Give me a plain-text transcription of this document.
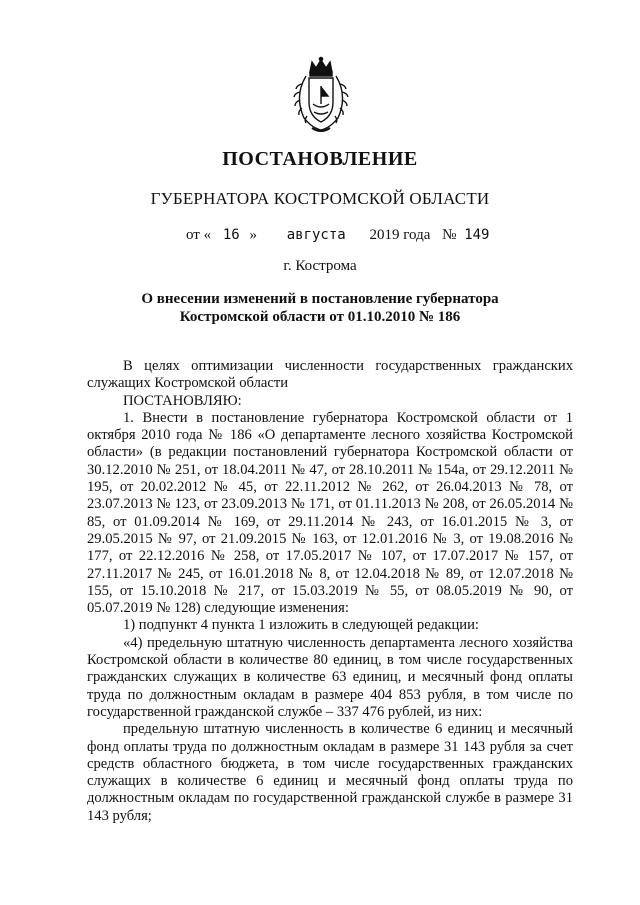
ПОСТАНОВЛЕНИЕ
ГУБЕРНАТОРА КОСТРОМСКОЙ ОБЛАСТИ
от « 16 » августа 2019 года № 149
г. Кострома
О внесении изменений в постановление губернатора
Костромской области от 01.10.2010 № 186

В целях оптимизации численности государственных гражданских служащих Костромской области

ПОСТАНОВЛЯЮ:

1. Внести в постановление губернатора Костромской области от 1 октября 2010 года № 186 «О департаменте лесного хозяйства Костромской области» (в редакции постановлений губернатора Костромской области от 30.12.2010 № 251, от 18.04.2011 № 47, от 28.10.2011 № 154а, от 29.12.2011 № 195, от 20.02.2012 № 45, от 22.11.2012 № 262, от 26.04.2013 № 78, от 23.07.2013 № 123, от 23.09.2013 № 171, от 01.11.2013 № 208, от 26.05.2014 № 85, от 01.09.2014 № 169, от 29.11.2014 № 243, от 16.01.2015 № 3, от 29.05.2015 № 97, от 21.09.2015 № 163, от 12.01.2016 № 3, от 19.08.2016 № 177, от 22.12.2016 № 258, от 17.05.2017 № 107, от 17.07.2017 № 157, от 27.11.2017 № 245, от 16.01.2018 № 8, от 12.04.2018 № 89, от 12.07.2018 № 155, от 15.10.2018 № 217, от 15.03.2019 № 55, от 08.05.2019 № 90, от 05.07.2019 № 128) следующие изменения:

1) подпункт 4 пункта 1 изложить в следующей редакции:

«4) предельную штатную численность департамента лесного хозяйства Костромской области в количестве 80 единиц, в том числе государственных гражданских служащих в количестве 63 единиц, и месячный фонд оплаты труда по должностным окладам в размере 404 853 рубля, в том числе по государственной гражданской службе – 337 476 рублей, из них:

предельную штатную численность в количестве 6 единиц и месячный фонд оплаты труда по должностным окладам в размере 31 143 рубля за счет средств областного бюджета, в том числе государственных гражданских служащих в количестве 6 единиц и месячный фонд оплаты труда по должностным окладам по государственной гражданской службе в размере 31 143 рубля;
